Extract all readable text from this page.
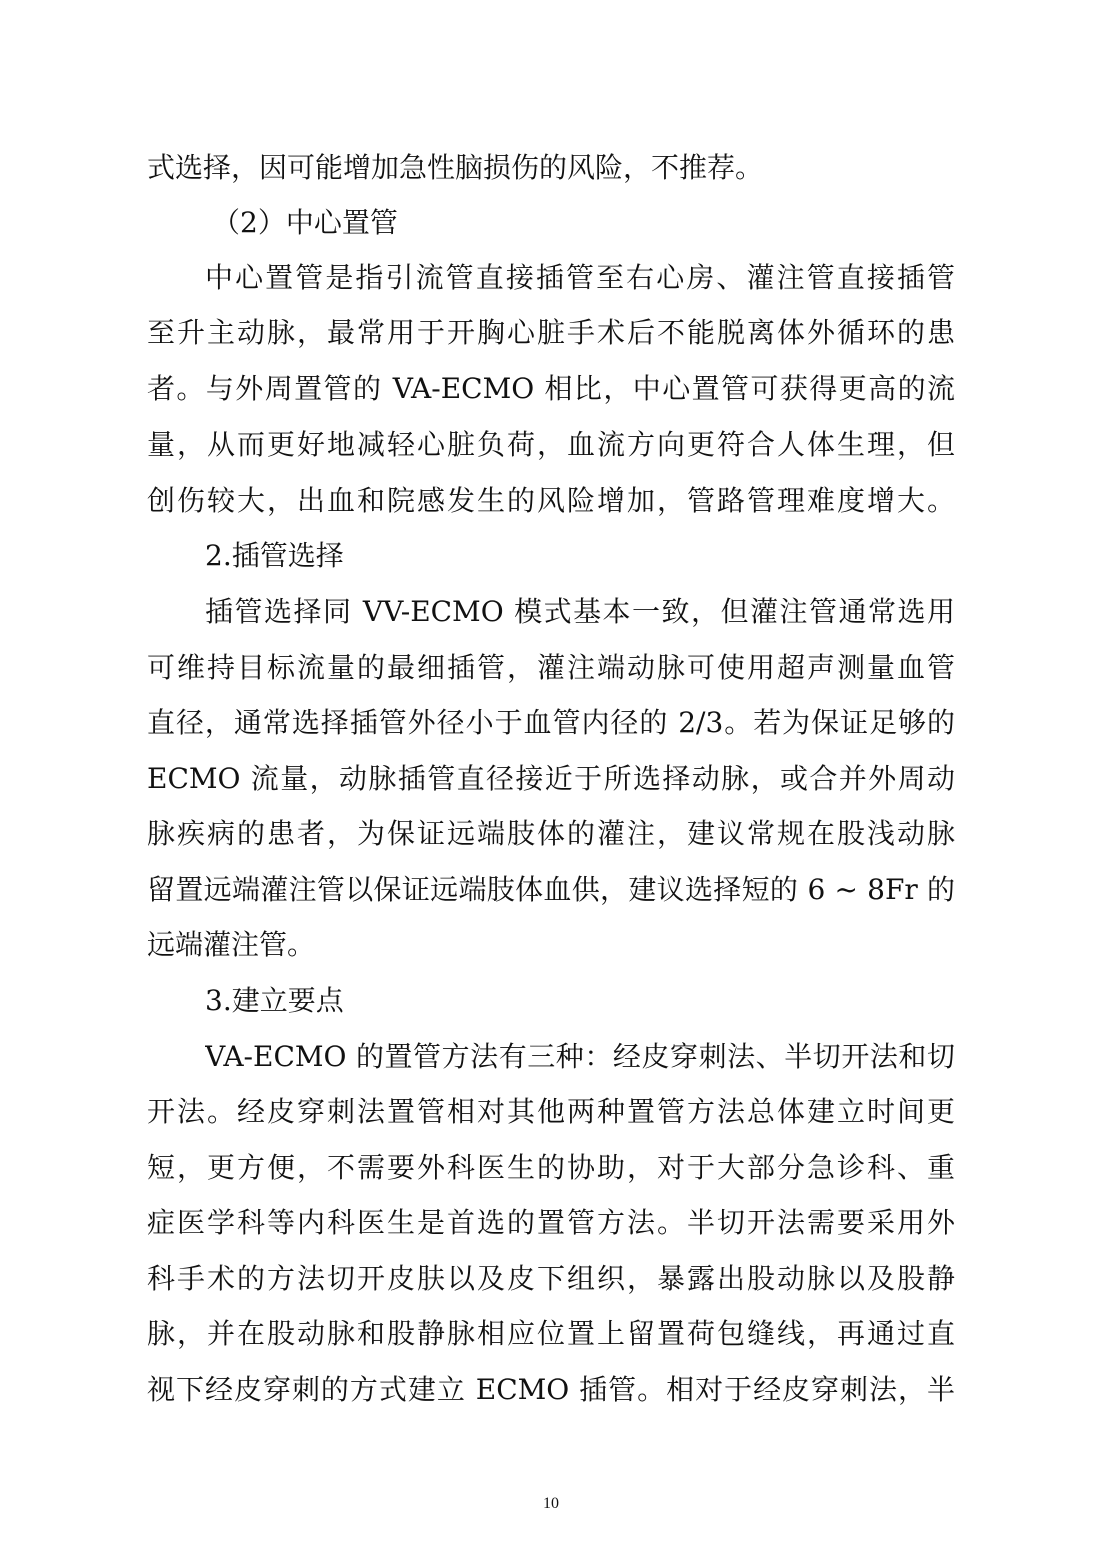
式选择，因可能增加急性脑损伤的风险，不推荐。
（2）中心置管
中心置管是指引流管直接插管至右心房、灌注管直接插管
至升主动脉，最常用于开胸心脏手术后不能脱离体外循环的患
者。与外周置管的 VA-ECMO 相比，中心置管可获得更高的流
量，从而更好地减轻心脏负荷，血流方向更符合人体生理，但
创伤较大，出血和院感发生的风险增加，管路管理难度增大。
2.插管选择
插管选择同 VV-ECMO 模式基本一致，但灌注管通常选用
可维持目标流量的最细插管，灌注端动脉可使用超声测量血管
直径，通常选择插管外径小于血管内径的 2/3。若为保证足够的
ECMO 流量，动脉插管直径接近于所选择动脉，或合并外周动
脉疾病的患者，为保证远端肢体的灌注，建议常规在股浅动脉
留置远端灌注管以保证远端肢体血供，建议选择短的 6 ~ 8Fr 的
远端灌注管。
3.建立要点
VA-ECMO 的置管方法有三种：经皮穿刺法、半切开法和切
开法。经皮穿刺法置管相对其他两种置管方法总体建立时间更
短，更方便，不需要外科医生的协助，对于大部分急诊科、重
症医学科等内科医生是首选的置管方法。半切开法需要采用外
科手术的方法切开皮肤以及皮下组织，暴露出股动脉以及股静
脉，并在股动脉和股静脉相应位置上留置荷包缝线，再通过直
视下经皮穿刺的方式建立 ECMO 插管。相对于经皮穿刺法，半
10
